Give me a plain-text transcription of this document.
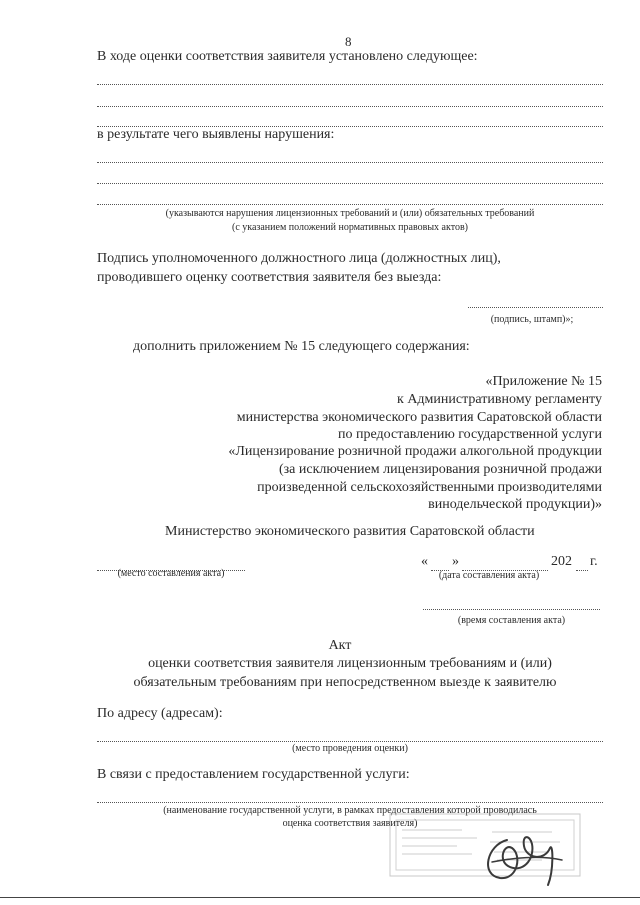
8
В ходе оценки соответствия заявителя установлено следующее:
в результате чего выявлены нарушения:
(указываются нарушения лицензионных требований и (или) обязательных требований
(с указанием положений нормативных правовых актов)
Подпись уполномоченного должностного лица (должностных лиц),
проводившего оценку соответствия заявителя без выезда:
(подпись, штамп)»;
дополнить приложением № 15 следующего содержания:
«Приложение № 15
к Административному регламенту
министерства экономического развития Саратовской области
по предоставлению государственной услуги
«Лицензирование розничной продажи алкогольной продукции
(за исключением лицензирования розничной продажи
произведенной сельскохозяйственными производителями
винодельческой продукции)»
Министерство экономического развития Саратовской области
(место составления акта)
« »	202 г.
(дата составления акта)
(время составления акта)
Акт
оценки соответствия заявителя лицензионным требованиям и (или)
обязательным требованиям при непосредственном выезде к заявителю
По адресу (адресам):
(место проведения оценки)
В связи с предоставлением государственной услуги:
(наименование государственной услуги, в рамках предоставления которой проводилась
оценка соответствия заявителя)
